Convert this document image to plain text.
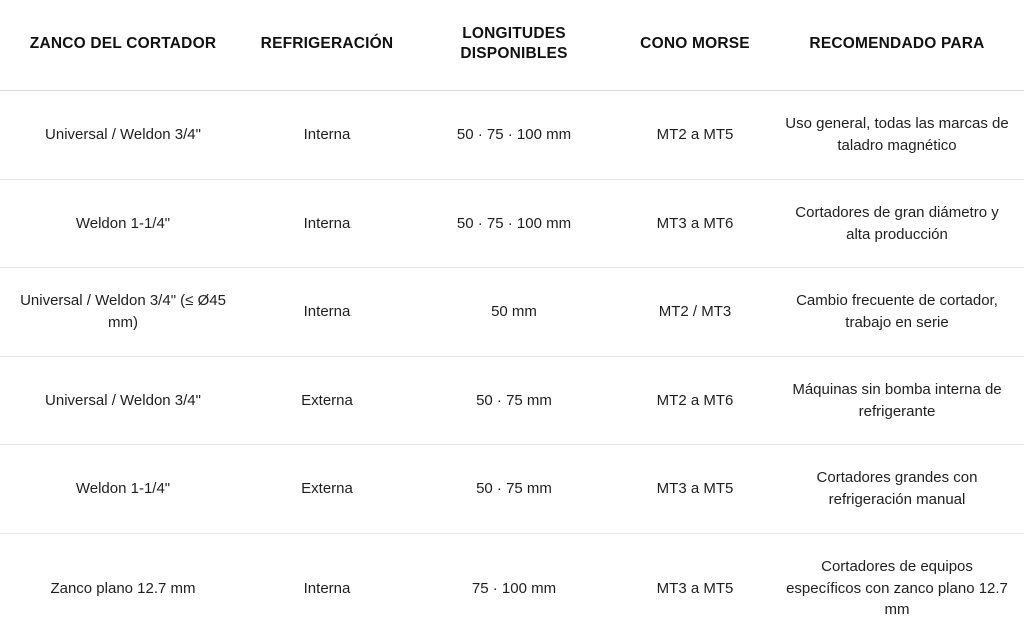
ZANCO DEL CORTADOR	REFRIGERACIÓN	LONGITUDES DISPONIBLES	CONO MORSE	RECOMENDADO PARA
Universal / Weldon 3/4"	Interna	50 · 75 · 100 mm	MT2 a MT5	Uso general, todas las marcas de taladro magnético
Weldon 1-1/4"	Interna	50 · 75 · 100 mm	MT3 a MT6	Cortadores de gran diámetro y alta producción
Universal / Weldon 3/4" (≤ Ø45 mm)	Interna	50 mm	MT2 / MT3	Cambio frecuente de cortador, trabajo en serie
Universal / Weldon 3/4"	Externa	50 · 75 mm	MT2 a MT6	Máquinas sin bomba interna de refrigerante
Weldon 1-1/4"	Externa	50 · 75 mm	MT3 a MT5	Cortadores grandes con refrigeración manual
Zanco plano 12.7 mm	Interna	75 · 100 mm	MT3 a MT5	Cortadores de equipos específicos con zanco plano 12.7 mm
